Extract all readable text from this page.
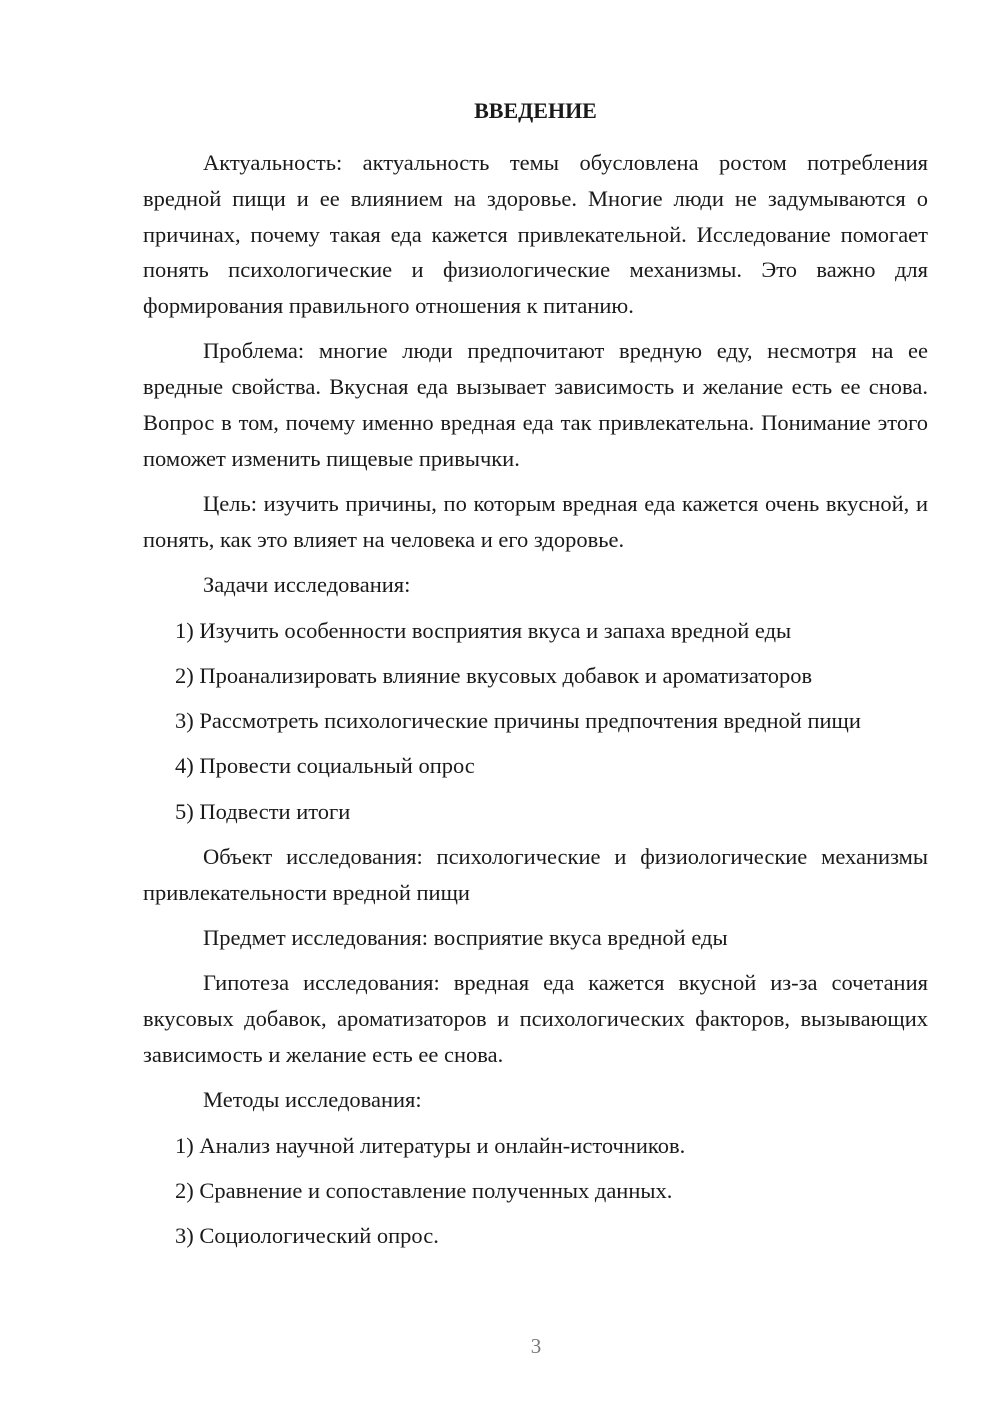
ВВЕДЕНИЕ

Актуальность: актуальность темы обусловлена ростом потребления вредной пищи и ее влиянием на здоровье. Многие люди не задумываются о причинах, почему такая еда кажется привлекательной. Исследование помогает понять психологические и физиологические механизмы. Это важно для формирования правильного отношения к питанию.

Проблема: многие люди предпочитают вредную еду, несмотря на ее вредные свойства. Вкусная еда вызывает зависимость и желание есть ее снова. Вопрос в том, почему именно вредная еда так привлекательна. Понимание этого поможет изменить пищевые привычки.

Цель: изучить причины, по которым вредная еда кажется очень вкусной, и понять, как это влияет на человека и его здоровье.

Задачи исследования:

1) Изучить особенности восприятия вкуса и запаха вредной еды

2) Проанализировать влияние вкусовых добавок и ароматизаторов

3) Рассмотреть психологические причины предпочтения вредной пищи

4) Провести социальный опрос

5) Подвести итоги

Объект исследования: психологические и физиологические механизмы привлекательности вредной пищи

Предмет исследования: восприятие вкуса вредной еды

Гипотеза исследования: вредная еда кажется вкусной из-за сочетания вкусовых добавок, ароматизаторов и психологических факторов, вызывающих зависимость и желание есть ее снова.

Методы исследования:

1) Анализ научной литературы и онлайн-источников.

2) Сравнение и сопоставление полученных данных.

3) Социологический опрос.

3
